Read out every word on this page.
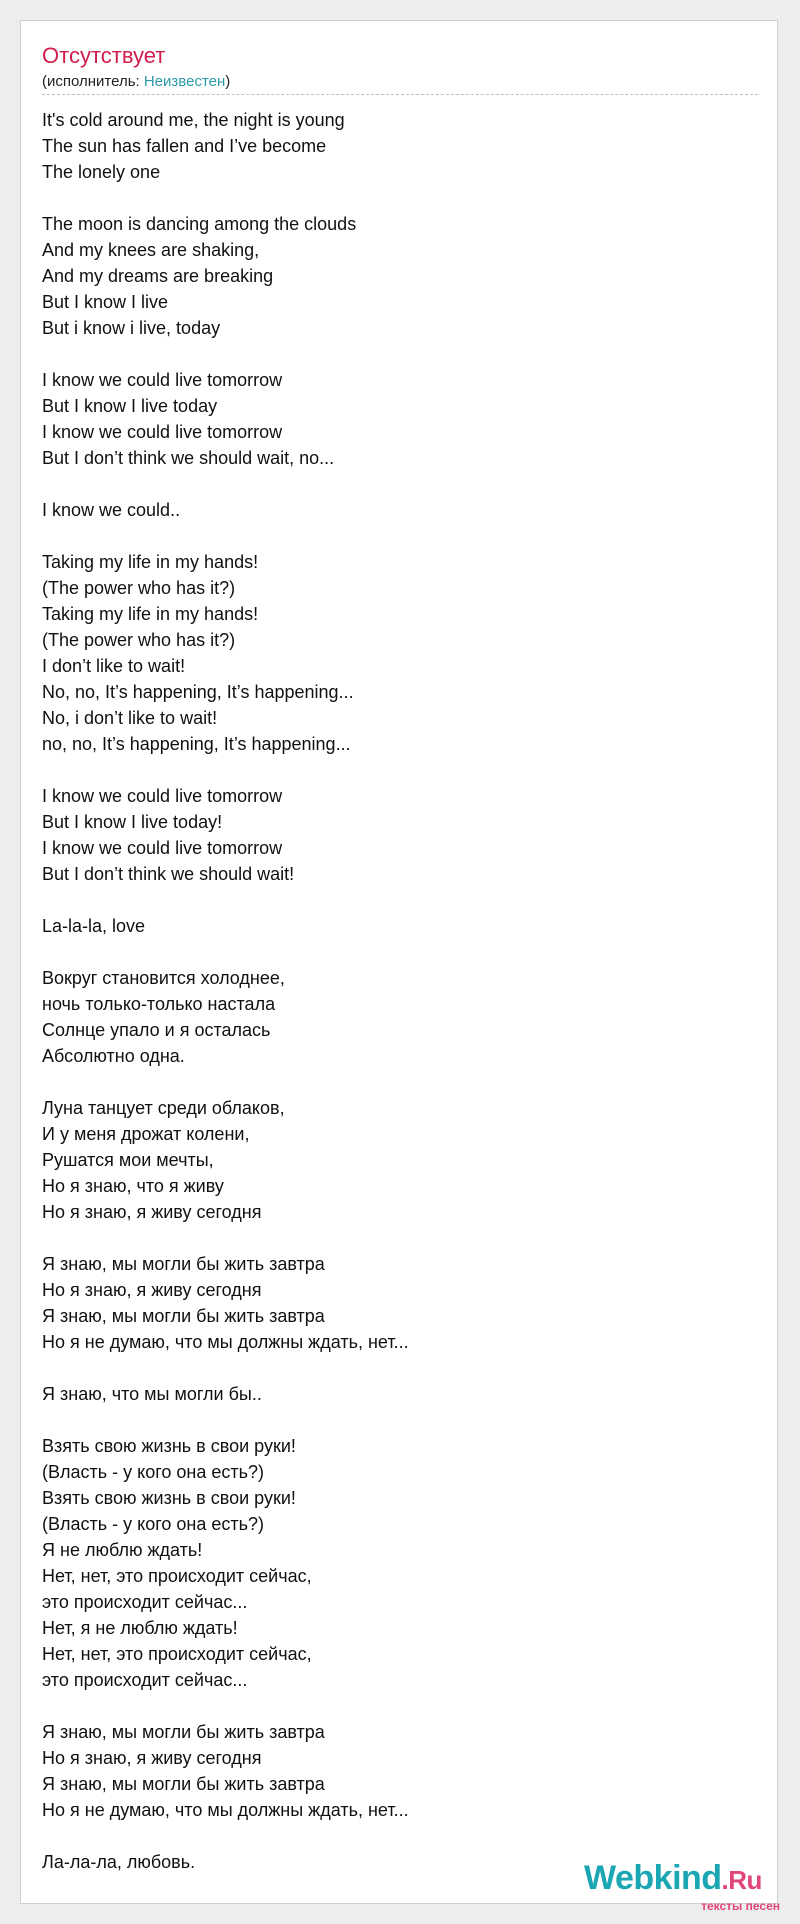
Отсутствует
(исполнитель: Неизвестен)
It's cold around me, the night is young
The sun has fallen and I’ve become
The lonely one

The moon is dancing among the clouds
And my knees are shaking,
And my dreams are breaking
But I know I live
But i know i live, today

I know we could live tomorrow
But I know I live today
I know we could live tomorrow
But I don’t think we should wait, no...

I know we could..

Taking my life in my hands!
(The power who has it?)
Taking my life in my hands!
(The power who has it?)
I don’t like to wait!
No, no, It’s happening, It’s happening...
No, i don’t like to wait!
no, no, It’s happening, It’s happening...

I know we could live tomorrow
But I know I live today!
I know we could live tomorrow
But I don’t think we should wait!

La-la-la, love

Вокруг становится холоднее,
ночь только-только настала
Солнце упало и я осталась
Абсолютно одна.

Луна танцует среди облаков,
И у меня дрожат колени,
Рушатся мои мечты,
Но я знаю, что я живу
Но я знаю, я живу сегодня

Я знаю, мы могли бы жить завтра
Но я знаю, я живу сегодня
Я знаю, мы могли бы жить завтра
Но я не думаю, что мы должны ждать, нет...

Я знаю, что мы могли бы..

Взять свою жизнь в свои руки!
(Власть - у кого она есть?)
Взять свою жизнь в свои руки!
(Власть - у кого она есть?)
Я не люблю ждать!
Нет, нет, это происходит сейчас,
это происходит сейчас...
Нет, я не люблю ждать!
Нет, нет, это происходит сейчас,
это происходит сейчас...

Я знаю, мы могли бы жить завтра
Но я знаю, я живу сегодня
Я знаю, мы могли бы жить завтра
Но я не думаю, что мы должны ждать, нет...

Ла-ла-ла, любовь.	Webkind.Ru
тексты песен
